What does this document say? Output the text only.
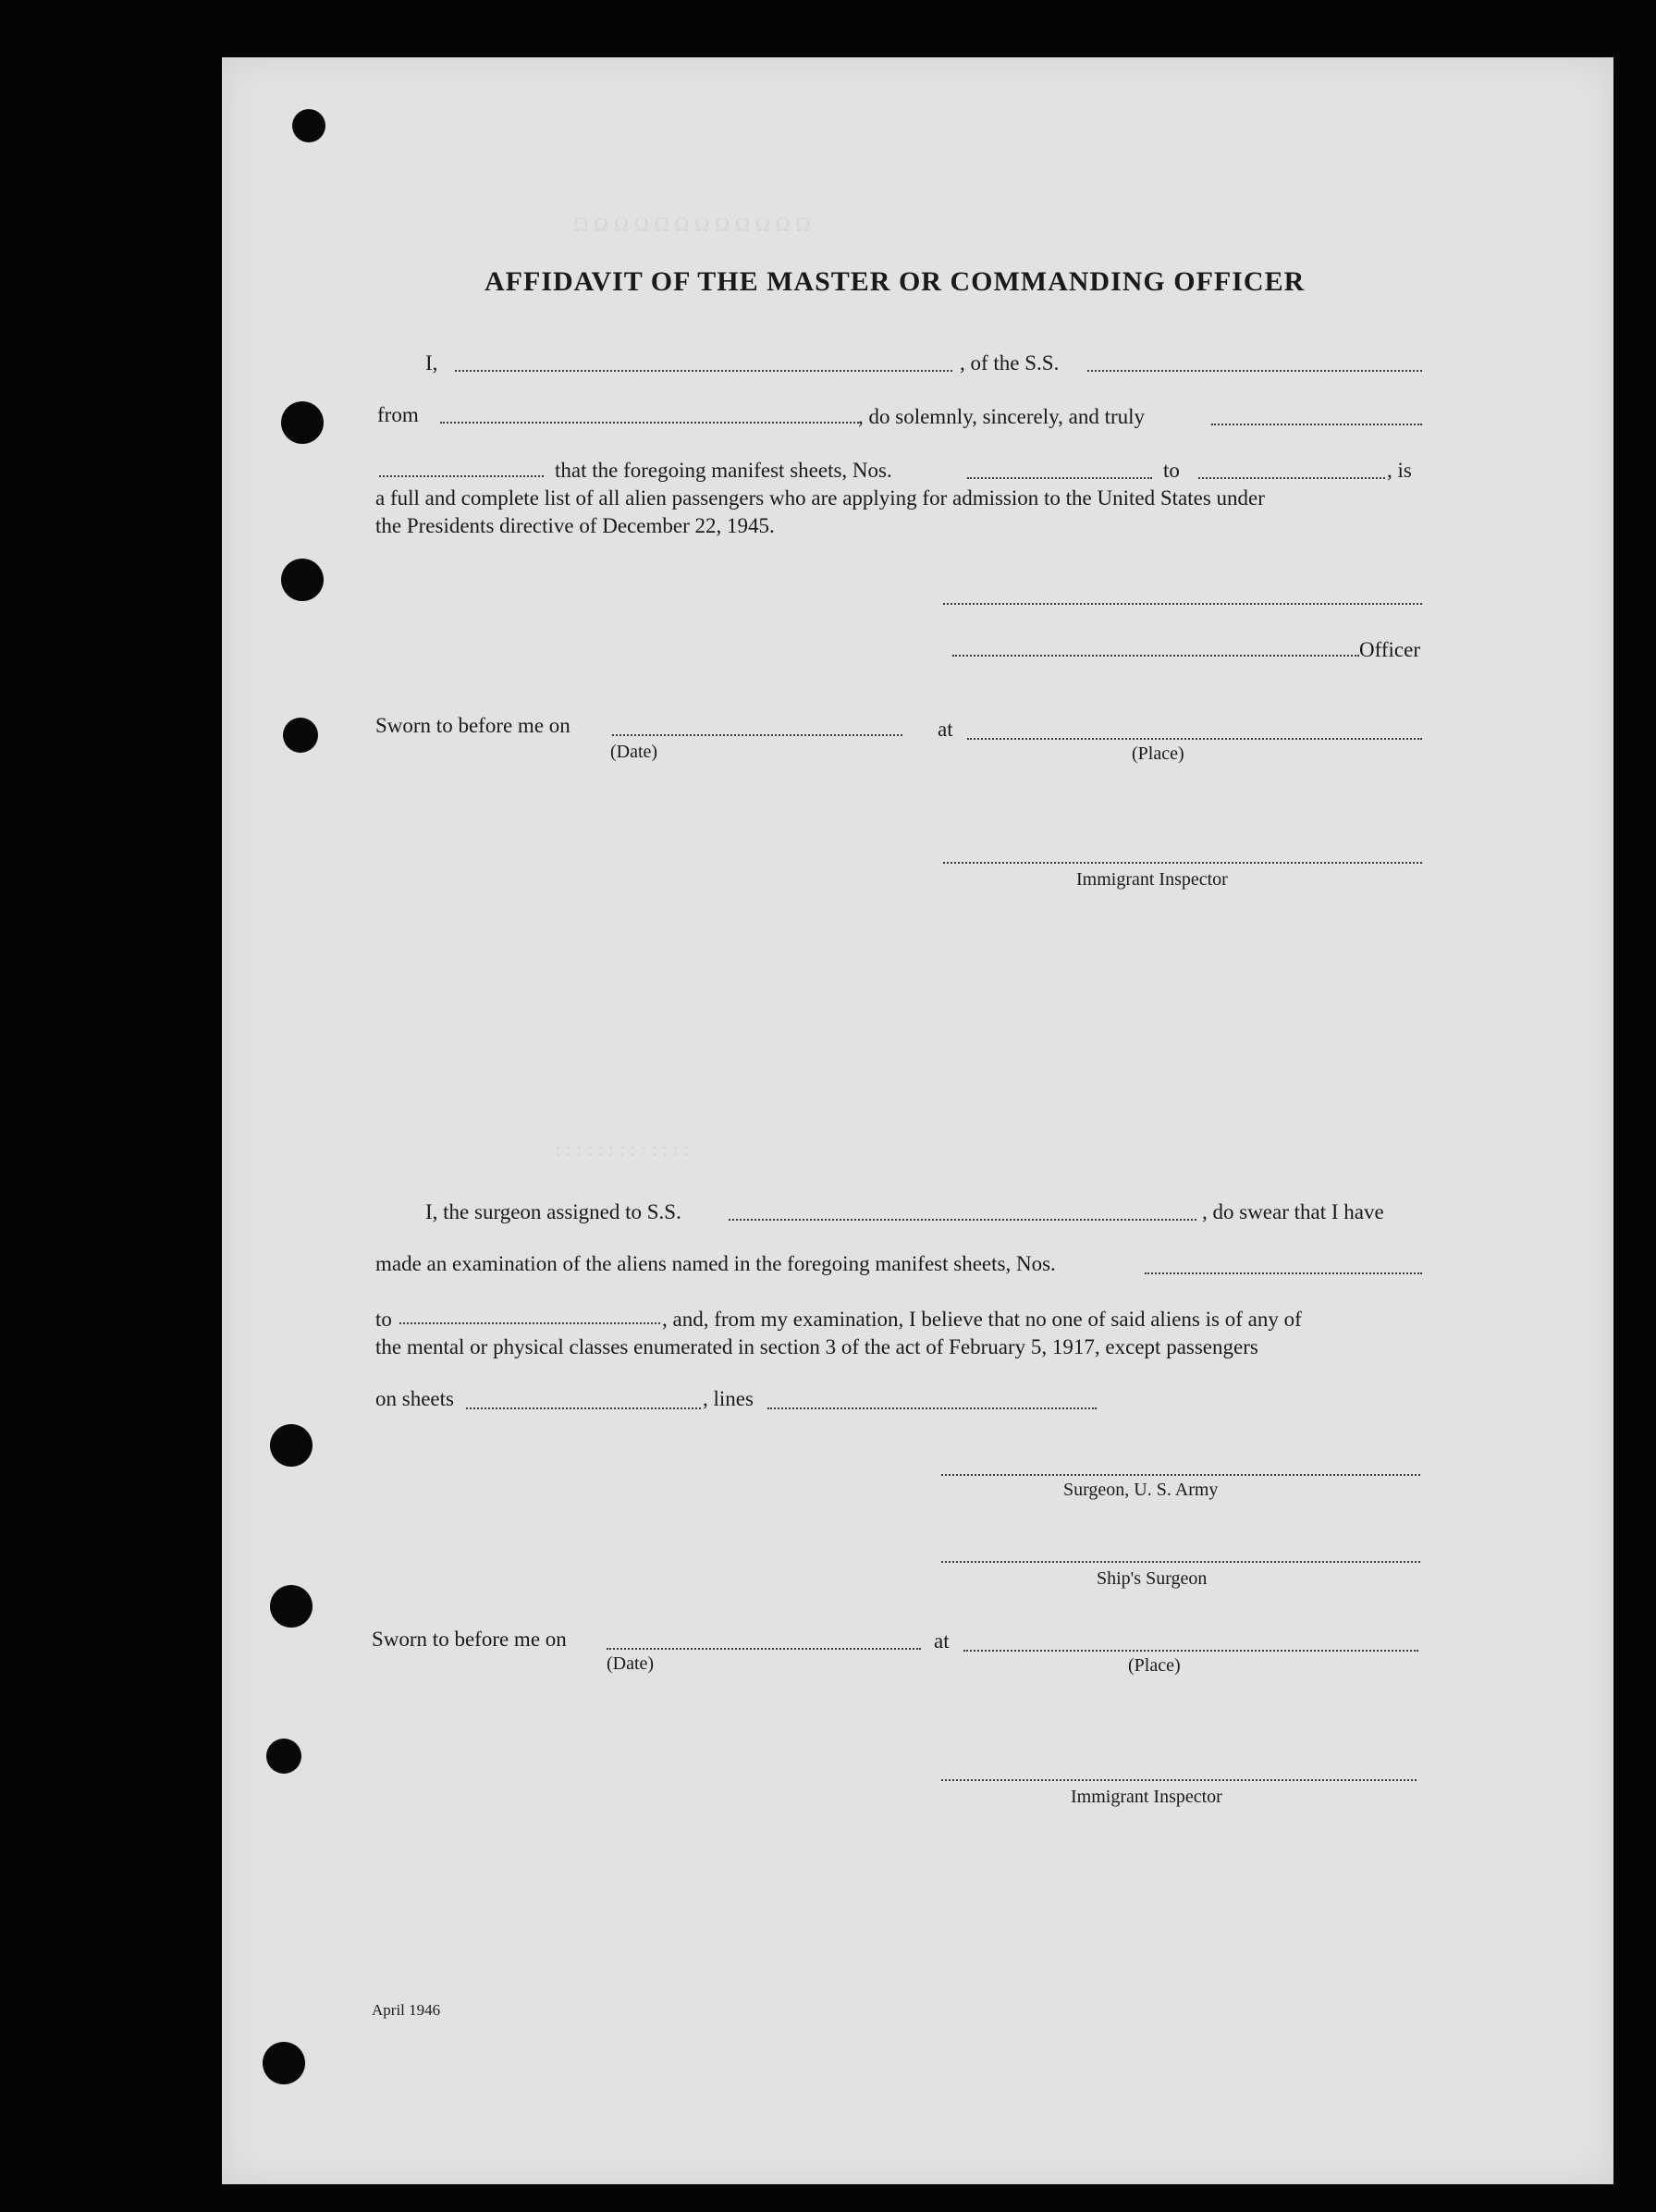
Ω Ω Ω Ω Ω Ω Ω Ω Ω Ω Ω Ω
: : : : : : : : : : : : :
AFFIDAVIT OF THE MASTER OR COMMANDING OFFICER
I,	, of the S.S.
from	, do solemnly, sincerely, and truly
that the foregoing manifest sheets, Nos.	to	, is
a full and complete list of all alien passengers who are applying for admission to the United States under
the Presidents directive of December 22, 1945.
Officer
Sworn to before me on	at
(Date)	(Place)
Immigrant Inspector
I, the surgeon assigned to S.S.	, do swear that I have
made an examination of the aliens named in the foregoing manifest sheets, Nos.
to	, and, from my examination, I believe that no one of said aliens is of any of
the mental or physical classes enumerated in section 3 of the act of February 5, 1917, except passengers
on sheets	, lines
Surgeon, U. S. Army
Ship's Surgeon
Sworn to before me on	at
(Date)	(Place)
Immigrant Inspector
April 1946
